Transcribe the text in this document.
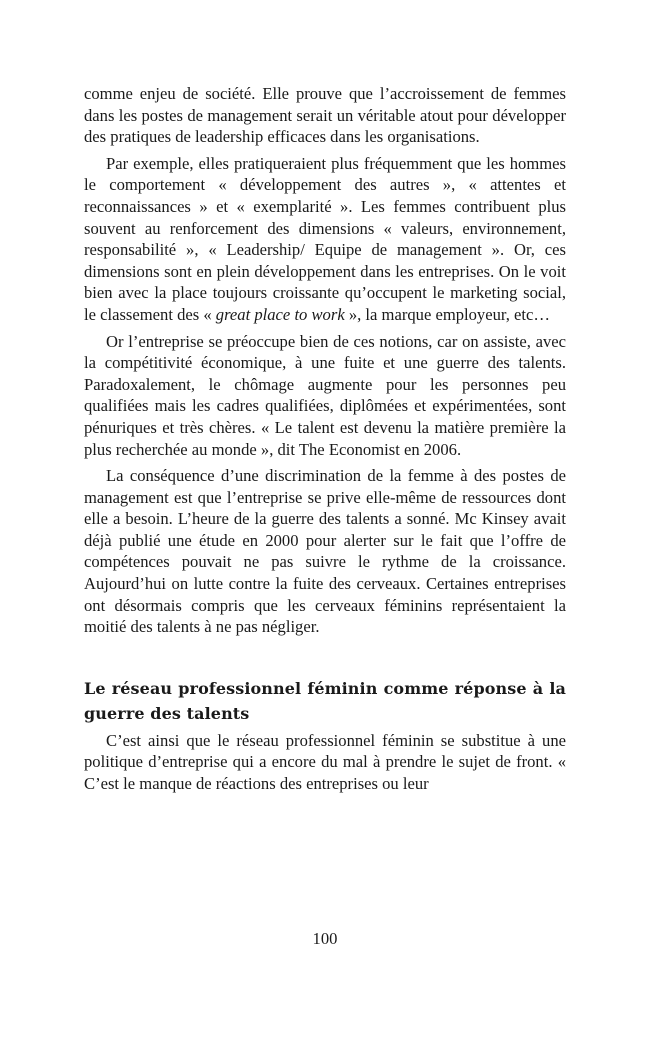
comme enjeu de société. Elle prouve que l’accroissement de femmes dans les postes de management serait un véritable atout pour développer des pratiques de leadership efficaces dans les organisations.

Par exemple, elles pratiqueraient plus fréquemment que les hommes le comportement « développement des autres », « attentes et reconnaissances » et « exemplarité ». Les femmes contribuent plus souvent au renforcement des dimensions « valeurs, environnement, responsabilité », « Leadership/ Equipe de management ». Or, ces dimensions sont en plein développement dans les entreprises. On le voit bien avec la place toujours croissante qu’occupent le marketing social, le classement des « great place to work », la marque employeur, etc…

Or l’entreprise se préoccupe bien de ces notions, car on assiste, avec la compétitivité économique, à une fuite et une guerre des talents. Paradoxalement, le chômage augmente pour les personnes peu qualifiées mais les cadres qualifiées, diplômées et expérimentées, sont pénuriques et très chères. « Le talent est devenu la matière première la plus recherchée au monde », dit The Economist en 2006.

La conséquence d’une discrimination de la femme à des postes de management est que l’entreprise se prive elle-même de ressources dont elle a besoin. L’heure de la guerre des talents a sonné. Mc Kinsey avait déjà publié une étude en 2000 pour alerter sur le fait que l’offre de compétences pouvait ne pas suivre le rythme de la croissance. Aujourd’hui on lutte contre la fuite des cerveaux. Certaines entreprises ont désormais compris que les cerveaux féminins représentaient la moitié des talents à ne pas négliger.

Le réseau professionnel féminin comme réponse à la guerre des talents

C’est ainsi que le réseau professionnel féminin se substitue à une politique d’entreprise qui a encore du mal à prendre le sujet de front. « C’est le manque de réactions des entreprises ou leur

100
